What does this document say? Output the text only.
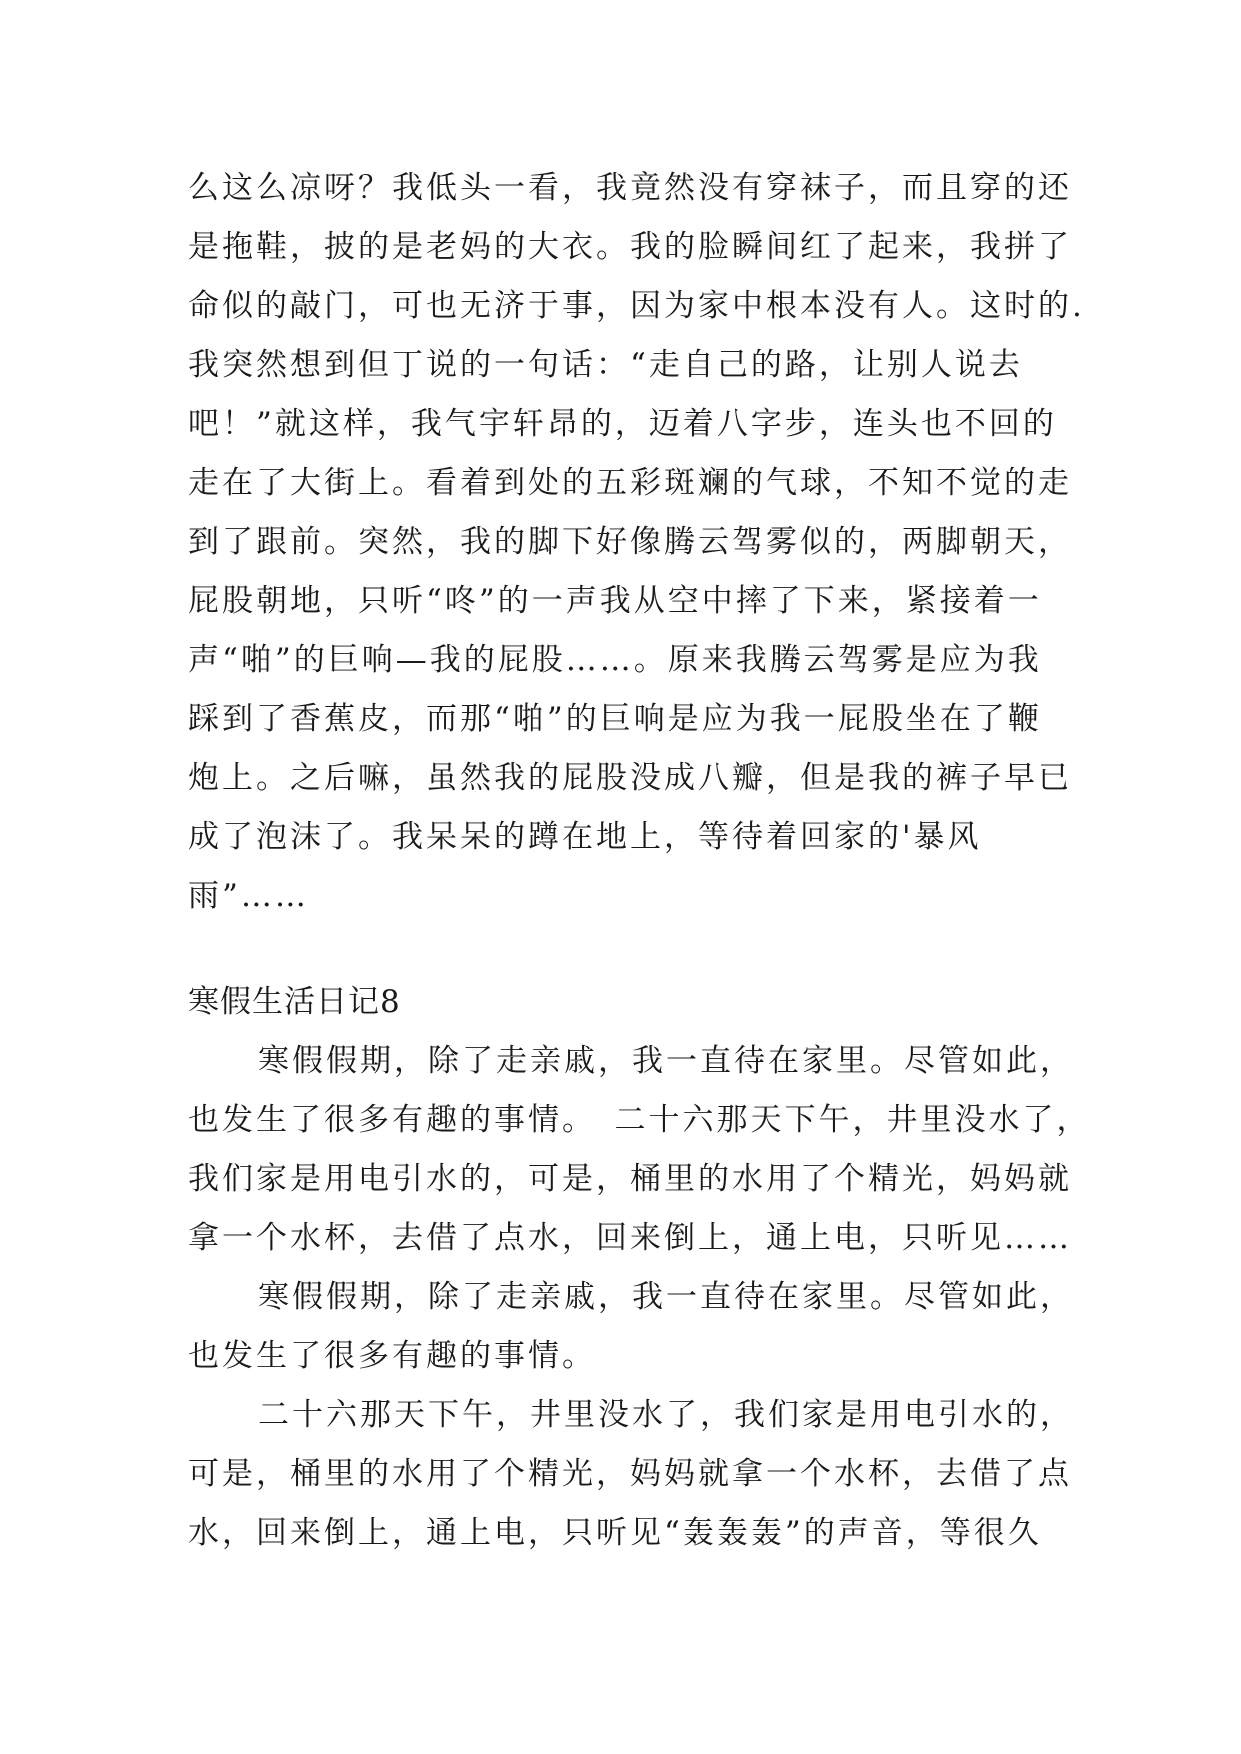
么这么凉呀？我低头一看，我竟然没有穿袜子，而且穿的还
是拖鞋，披的是老妈的大衣。我的脸瞬间红了起来，我拼了
命似的敲门，可也无济于事，因为家中根本没有人。这时的.
我突然想到但丁说的一句话：“走自己的路，让别人说去
吧！”就这样，我气宇轩昂的，迈着八字步，连头也不回的
走在了大街上。看着到处的五彩斑斓的气球，不知不觉的走
到了跟前。突然，我的脚下好像腾云驾雾似的，两脚朝天，
屁股朝地，只听“咚”的一声我从空中摔了下来，紧接着一
声“啪”的巨响—我的屁股……。原来我腾云驾雾是应为我
踩到了香蕉皮，而那“啪”的巨响是应为我一屁股坐在了鞭
炮上。之后嘛，虽然我的屁股没成八瓣，但是我的裤子早已
成了泡沫了。我呆呆的蹲在地上，等待着回家的'暴风
雨”……
寒假生活日记8
寒假假期，除了走亲戚，我一直待在家里。尽管如此，
也发生了很多有趣的事情。　二十六那天下午，井里没水了，
我们家是用电引水的，可是，桶里的水用了个精光，妈妈就
拿一个水杯，去借了点水，回来倒上，通上电，只听见……
寒假假期，除了走亲戚，我一直待在家里。尽管如此，
也发生了很多有趣的事情。
二十六那天下午，井里没水了，我们家是用电引水的，
可是，桶里的水用了个精光，妈妈就拿一个水杯，去借了点
水，回来倒上，通上电，只听见“轰轰轰”的声音，等很久
